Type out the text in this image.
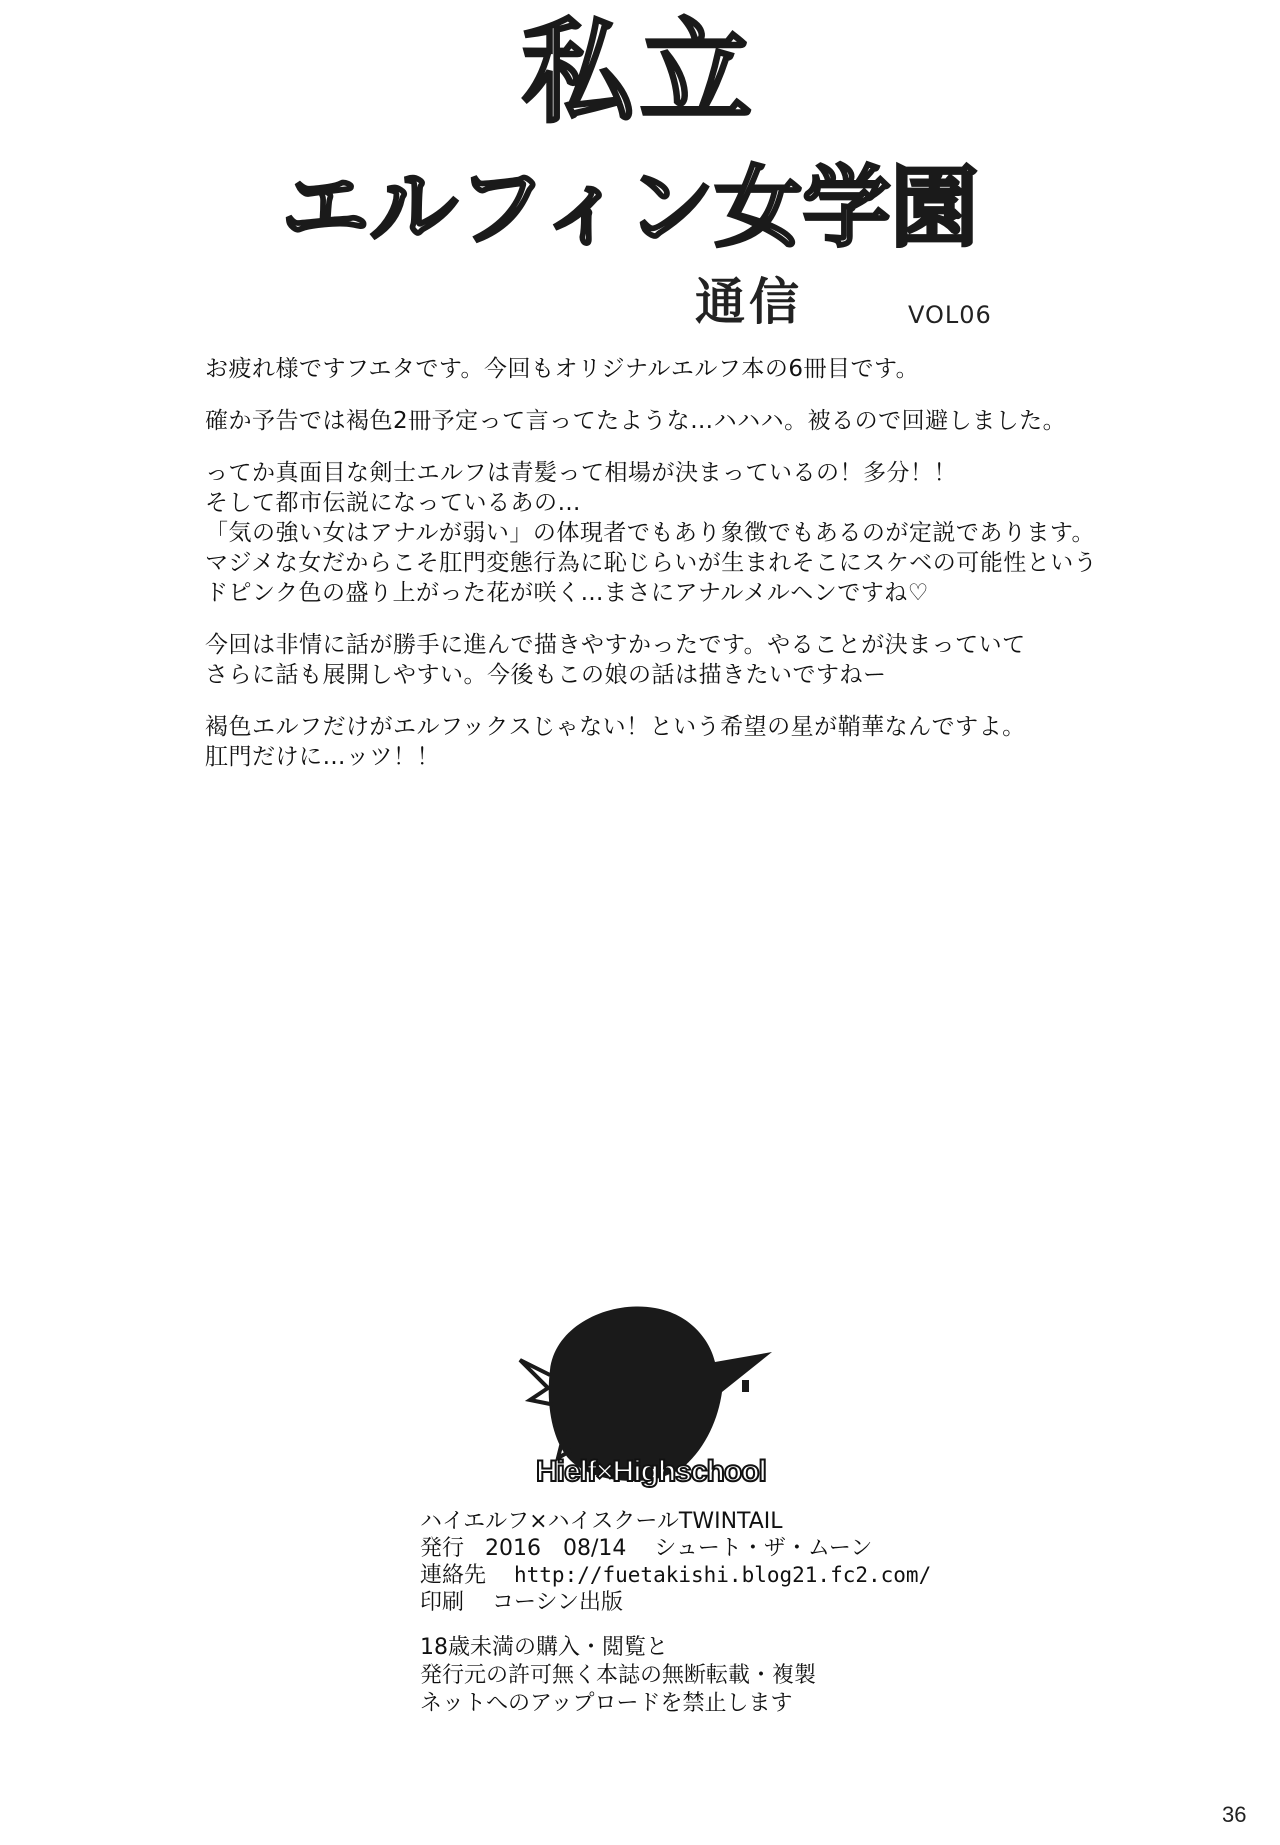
私立
エルフィン女学園
通信	VOL06
お疲れ様ですフエタです。今回もオリジナルエルフ本の6冊目です。
確か予告では褐色2冊予定って言ってたような…ハハハ。被るので回避しました。
ってか真面目な剣士エルフは青髪って相場が決まっているの！多分！！
そして都市伝説になっているあの…
「気の強い女はアナルが弱い」の体現者でもあり象徴でもあるのが定説であります。
マジメな女だからこそ肛門変態行為に恥じらいが生まれそこにスケベの可能性という
ドピンク色の盛り上がった花が咲く…まさにアナルメルヘンですね♡
今回は非情に話が勝手に進んで描きやすかったです。やることが決まっていて
さらに話も展開しやすい。今後もこの娘の話は描きたいですねー
褐色エルフだけがエルフックスじゃない！という希望の星が鞘華なんですよ。
肛門だけに…ッツ！！
Hielf×Highschool
ハイエルフ×ハイスクールTWINTAIL
発行 2016　08/14 シュート・ザ・ムーン
連絡先 http://fuetakishi.blog21.fc2.com/
印刷 コーシン出版
18歳未満の購入・閲覧と
発行元の許可無く本誌の無断転載・複製
ネットへのアップロードを禁止します
36
